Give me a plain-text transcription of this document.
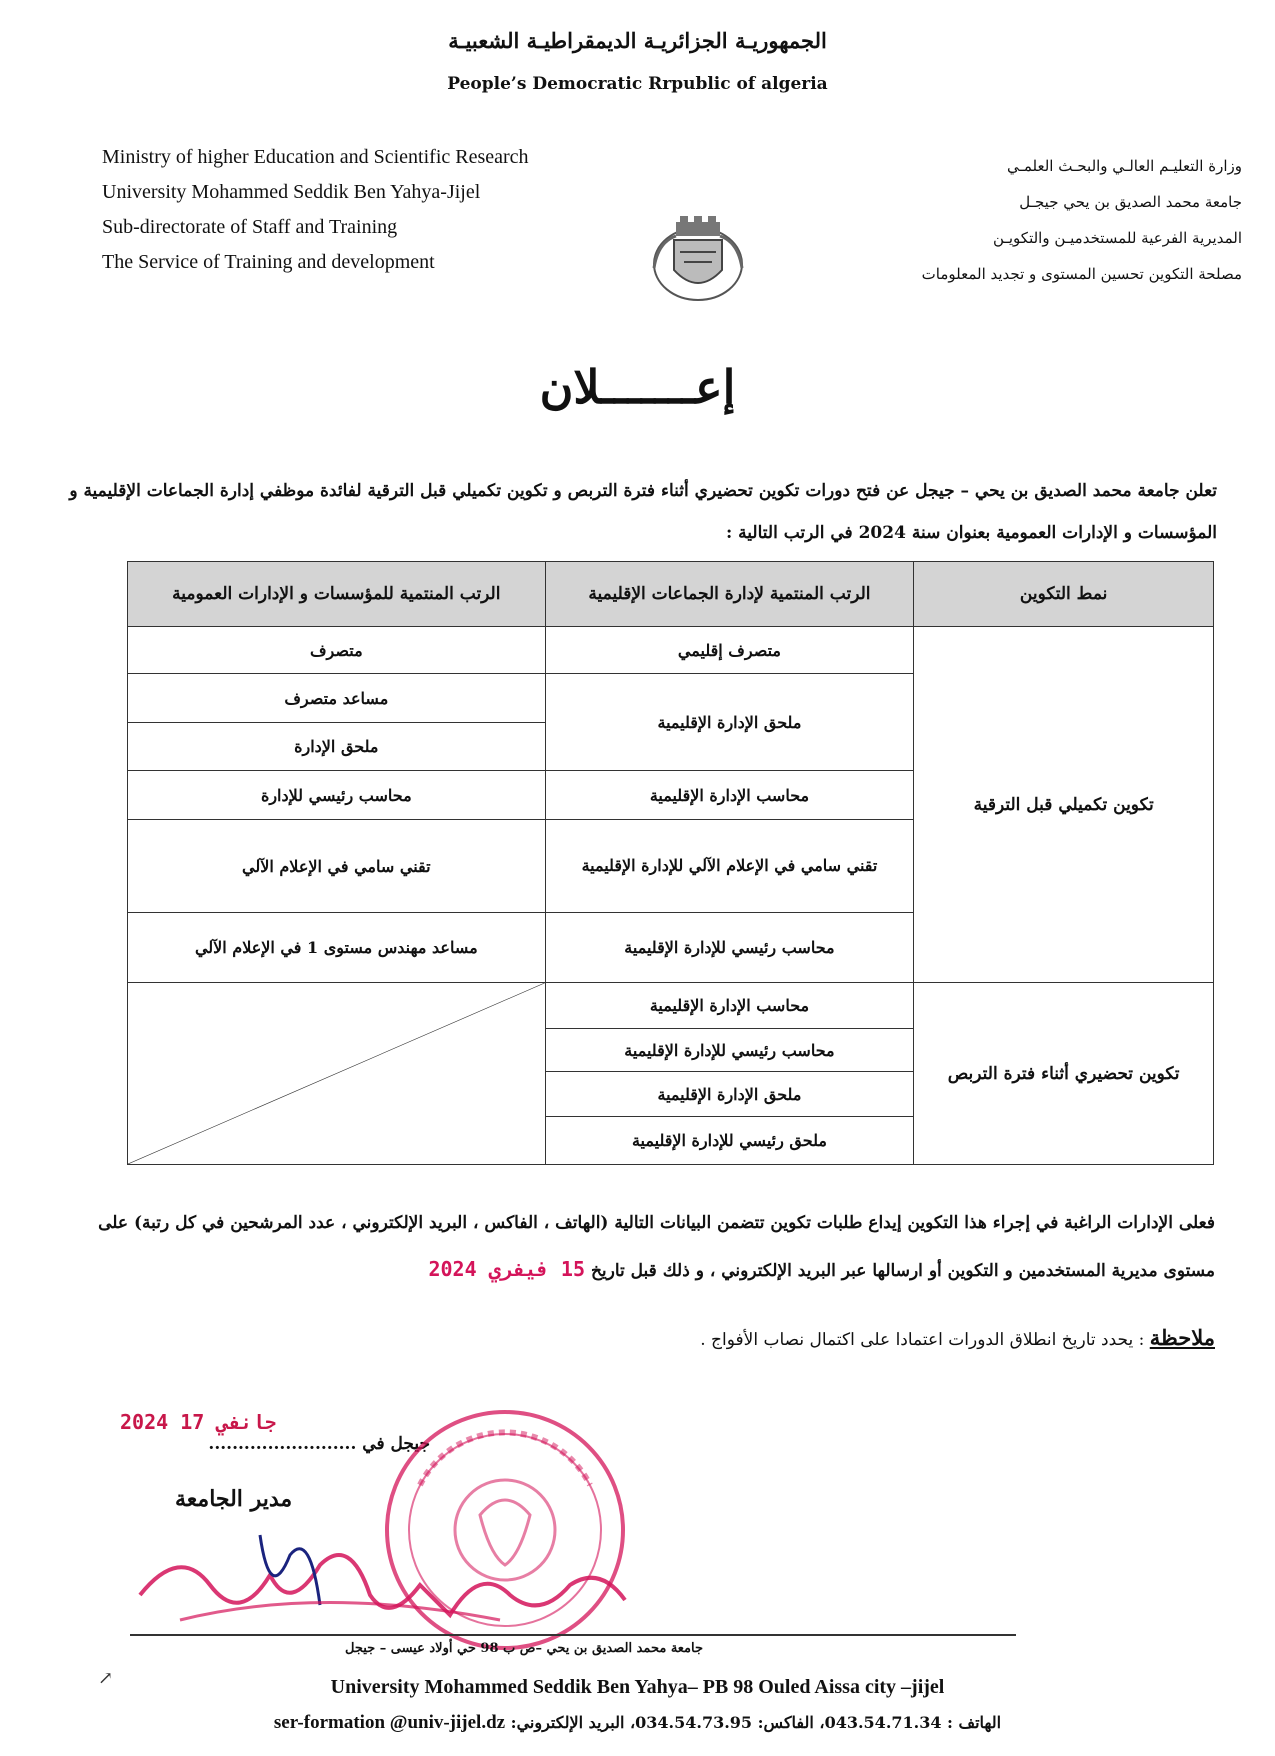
الجمهوريـة الجزائريـة الديمقراطيـة الشعبيـة
People’s Democratic Rrpublic of algeria
Ministry of higher Education and Scientific Research
University Mohammed Seddik Ben Yahya-Jijel
Sub-directorate of Staff and Training
The Service of Training and development
وزارة التعليـم العالـي والبحـث العلمـي
جامعة محمد الصديق بن يحي جيجـل
المديرية الفرعية للمستخدميـن والتكويـن
مصلحة التكوين تحسين المستوى و تجديد المعلومات
إعـــــــلان
تعلن جامعة محمد الصديق بن يحي – جيجل عن فتح دورات تكوين تحضيري أثناء فترة التربص و تكوين تكميلي قبل الترقية لفائدة موظفي إدارة الجماعات الإقليمية و المؤسسات و الإدارات العمومية بعنوان سنة 2024 في الرتب التالية :
نمط التكوين	الرتب المنتمية لإدارة الجماعات الإقليمية	الرتب المنتمية للمؤسسات و الإدارات العمومية
تكوين تكميلي قبل الترقية	متصرف إقليمي	متصرف
	ملحق الإدارة الإقليمية	مساعد متصرف
		ملحق الإدارة
	محاسب الإدارة الإقليمية	محاسب رئيسي للإدارة
	تقني سامي في الإعلام الآلي للإدارة الإقليمية	تقني سامي في الإعلام الآلي
	محاسب رئيسي للإدارة الإقليمية	مساعد مهندس مستوى 1 في الإعلام الآلي

تكوين تحضيري أثناء فترة التربص	محاسب الإدارة الإقليمية	

	محاسب رئيسي للإدارة الإقليمية	
	ملحق الإدارة الإقليمية	
	ملحق رئيسي للإدارة الإقليمية	
فعلى الإدارات الراغبة في إجراء هذا التكوين إيداع طلبات تكوين تتضمن البيانات التالية (الهاتف ، الفاكس ، البريد الإلكتروني ، عدد المرشحين في كل رتبة) على مستوى مديرية المستخدمين و التكوين أو ارسالها عبر البريد الإلكتروني ، و ذلك قبل تاريخ 15 فيفري 2024
ملاحظة : يحدد تاريخ انطلاق الدورات اعتمادا على اكتمال نصاب الأفواج .
2024 جانفي 17
جيجل في .........................
مدير الجامعة
جامعة محمد الصديق بن يحي –ص ب 98 حي أولاد عيسى – جيجل
University Mohammed Seddik Ben Yahya– PB 98 Ouled Aissa city –jijel
الهاتف : 043.54.71.34، الفاكس: 034.54.73.95، البريد الإلكتروني: ser-formation @univ-jijel.dz
↗
